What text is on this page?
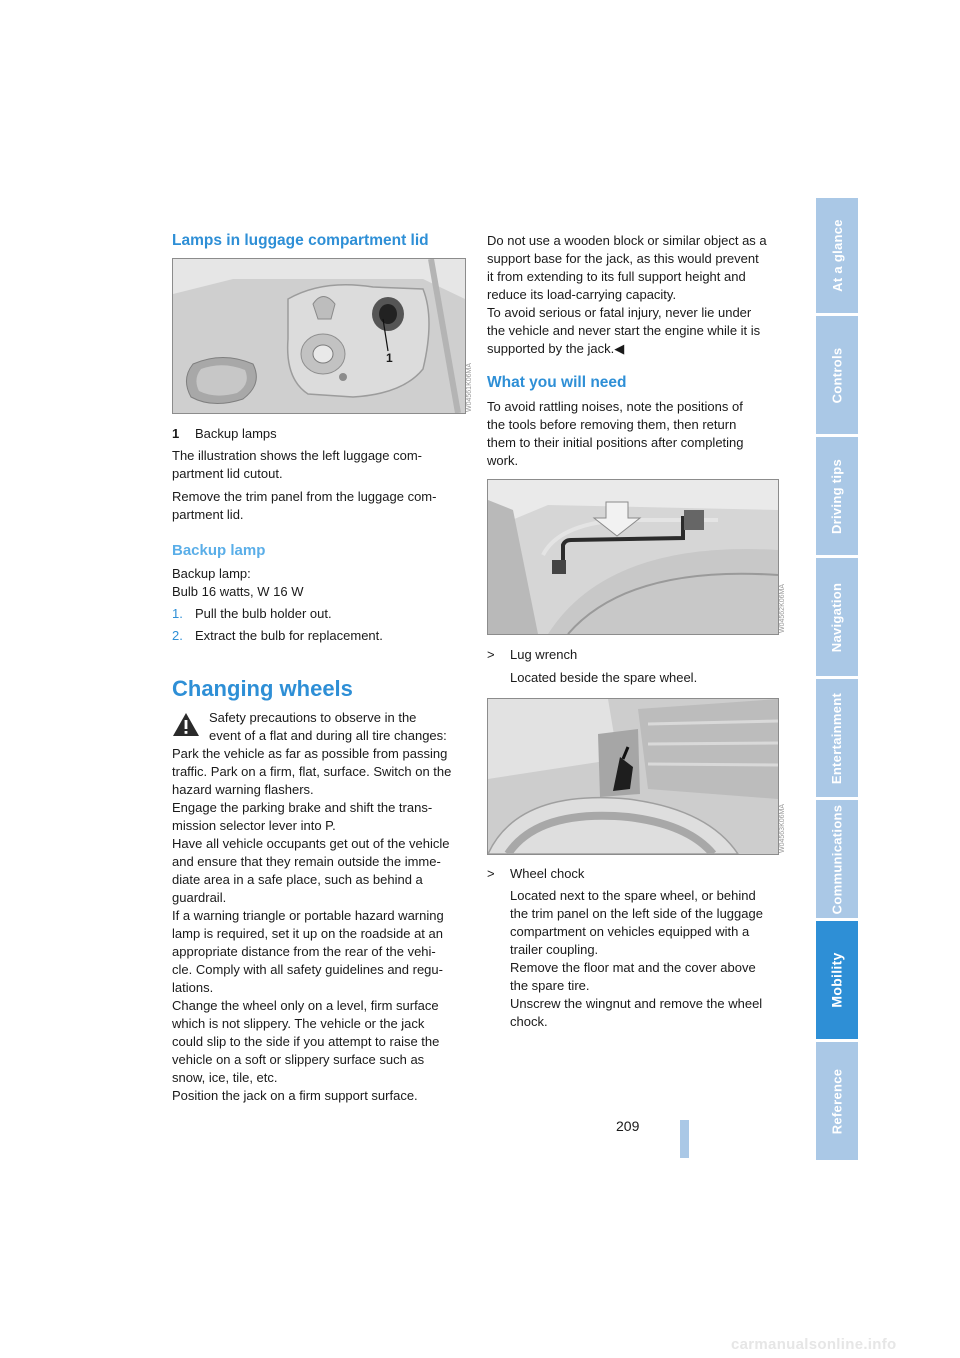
Lamps in luggage compartment lid
1
W04561K06MA
1	Backup lamps

The illustration shows the left luggage com-

partment lid cutout.

Remove the trim panel from the luggage com-

partment lid.

Backup lamp

Backup lamp:

Bulb 16 watts, W 16 W

1. Pull the bulb holder out.
2. Extract the bulb for replacement.
Changing wheels

Safety precautions to observe in the

event of a flat and during all tire changes:

Park the vehicle as far as possible from passing

traffic. Park on a firm, flat, surface. Switch on the

hazard warning flashers.

Engage the parking brake and shift the trans-

mission selector lever into P.

Have all vehicle occupants get out of the vehicle

and ensure that they remain outside the imme-

diate area in a safe place, such as behind a

guardrail.

If a warning triangle or portable hazard warning

lamp is required, set it up on the roadside at an

appropriate distance from the rear of the vehi-

cle. Comply with all safety guidelines and regu-

lations.

Change the wheel only on a level, firm surface

which is not slippery. The vehicle or the jack

could slip to the side if you attempt to raise the

vehicle on a soft or slippery surface such as

snow, ice, tile, etc.

Position the jack on a firm support surface.

Do not use a wooden block or similar object as a

support base for the jack, as this would prevent

it from extending to its full support height and

reduce its load-carrying capacity.

To avoid serious or fatal injury, never lie under

the vehicle and never start the engine while it is

supported by the jack.◀

What you will need

To avoid rattling noises, note the positions of

the tools before removing them, then return

them to their initial positions after completing

work.

W04562K06MA
> Lug wrench
Located beside the spare wheel.
W04563K06MA
> Wheel chock

Located next to the spare wheel, or behind

the trim panel on the left side of the luggage

compartment on vehicles equipped with a

trailer coupling.

Remove the floor mat and the cover above

the spare tire.

Unscrew the wingnut and remove the wheel

chock.

209
At a glance
Controls
Driving tips
Navigation
Entertainment
Communications
Mobility
Reference
carmanualsonline.info
